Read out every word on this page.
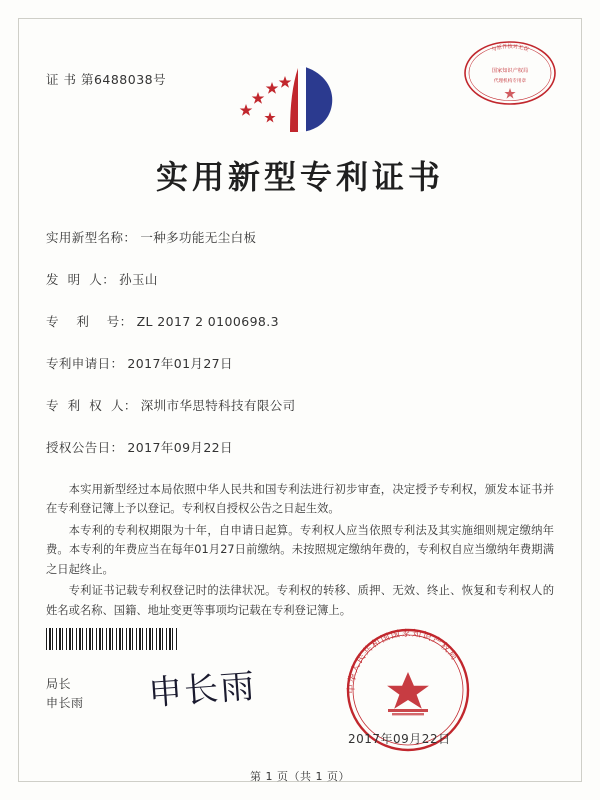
证 书 第6488038号
与原件核对无误
国家知识产权局
代理机构专用章
实用新型专利证书
实用新型名称： 一种多功能无尘白板
发  明  人： 孙玉山
专    利    号： ZL 2017 2 0100698.3
专利申请日： 2017年01月27日
专  利  权  人： 深圳市华思特科技有限公司
授权公告日： 2017年09月22日

本实用新型经过本局依照中华人民共和国专利法进行初步审查，决定授予专利权，颁发本证书并在专利登记簿上予以登记。专利权自授权公告之日起生效。

本专利的专利权期限为十年，自申请日起算。专利权人应当依照专利法及其实施细则规定缴纳年费。本专利的年费应当在每年01月27日前缴纳。未按照规定缴纳年费的，专利权自应当缴纳年费期满之日起终止。

专利证书记载专利权登记时的法律状况。专利权的转移、质押、无效、终止、恢复和专利权人的姓名或名称、国籍、地址变更等事项均记载在专利登记簿上。

局长
申长雨 申长雨	中华人民共和国国家知识产权局
2017年09月22日
第 1 页（共 1 页）
